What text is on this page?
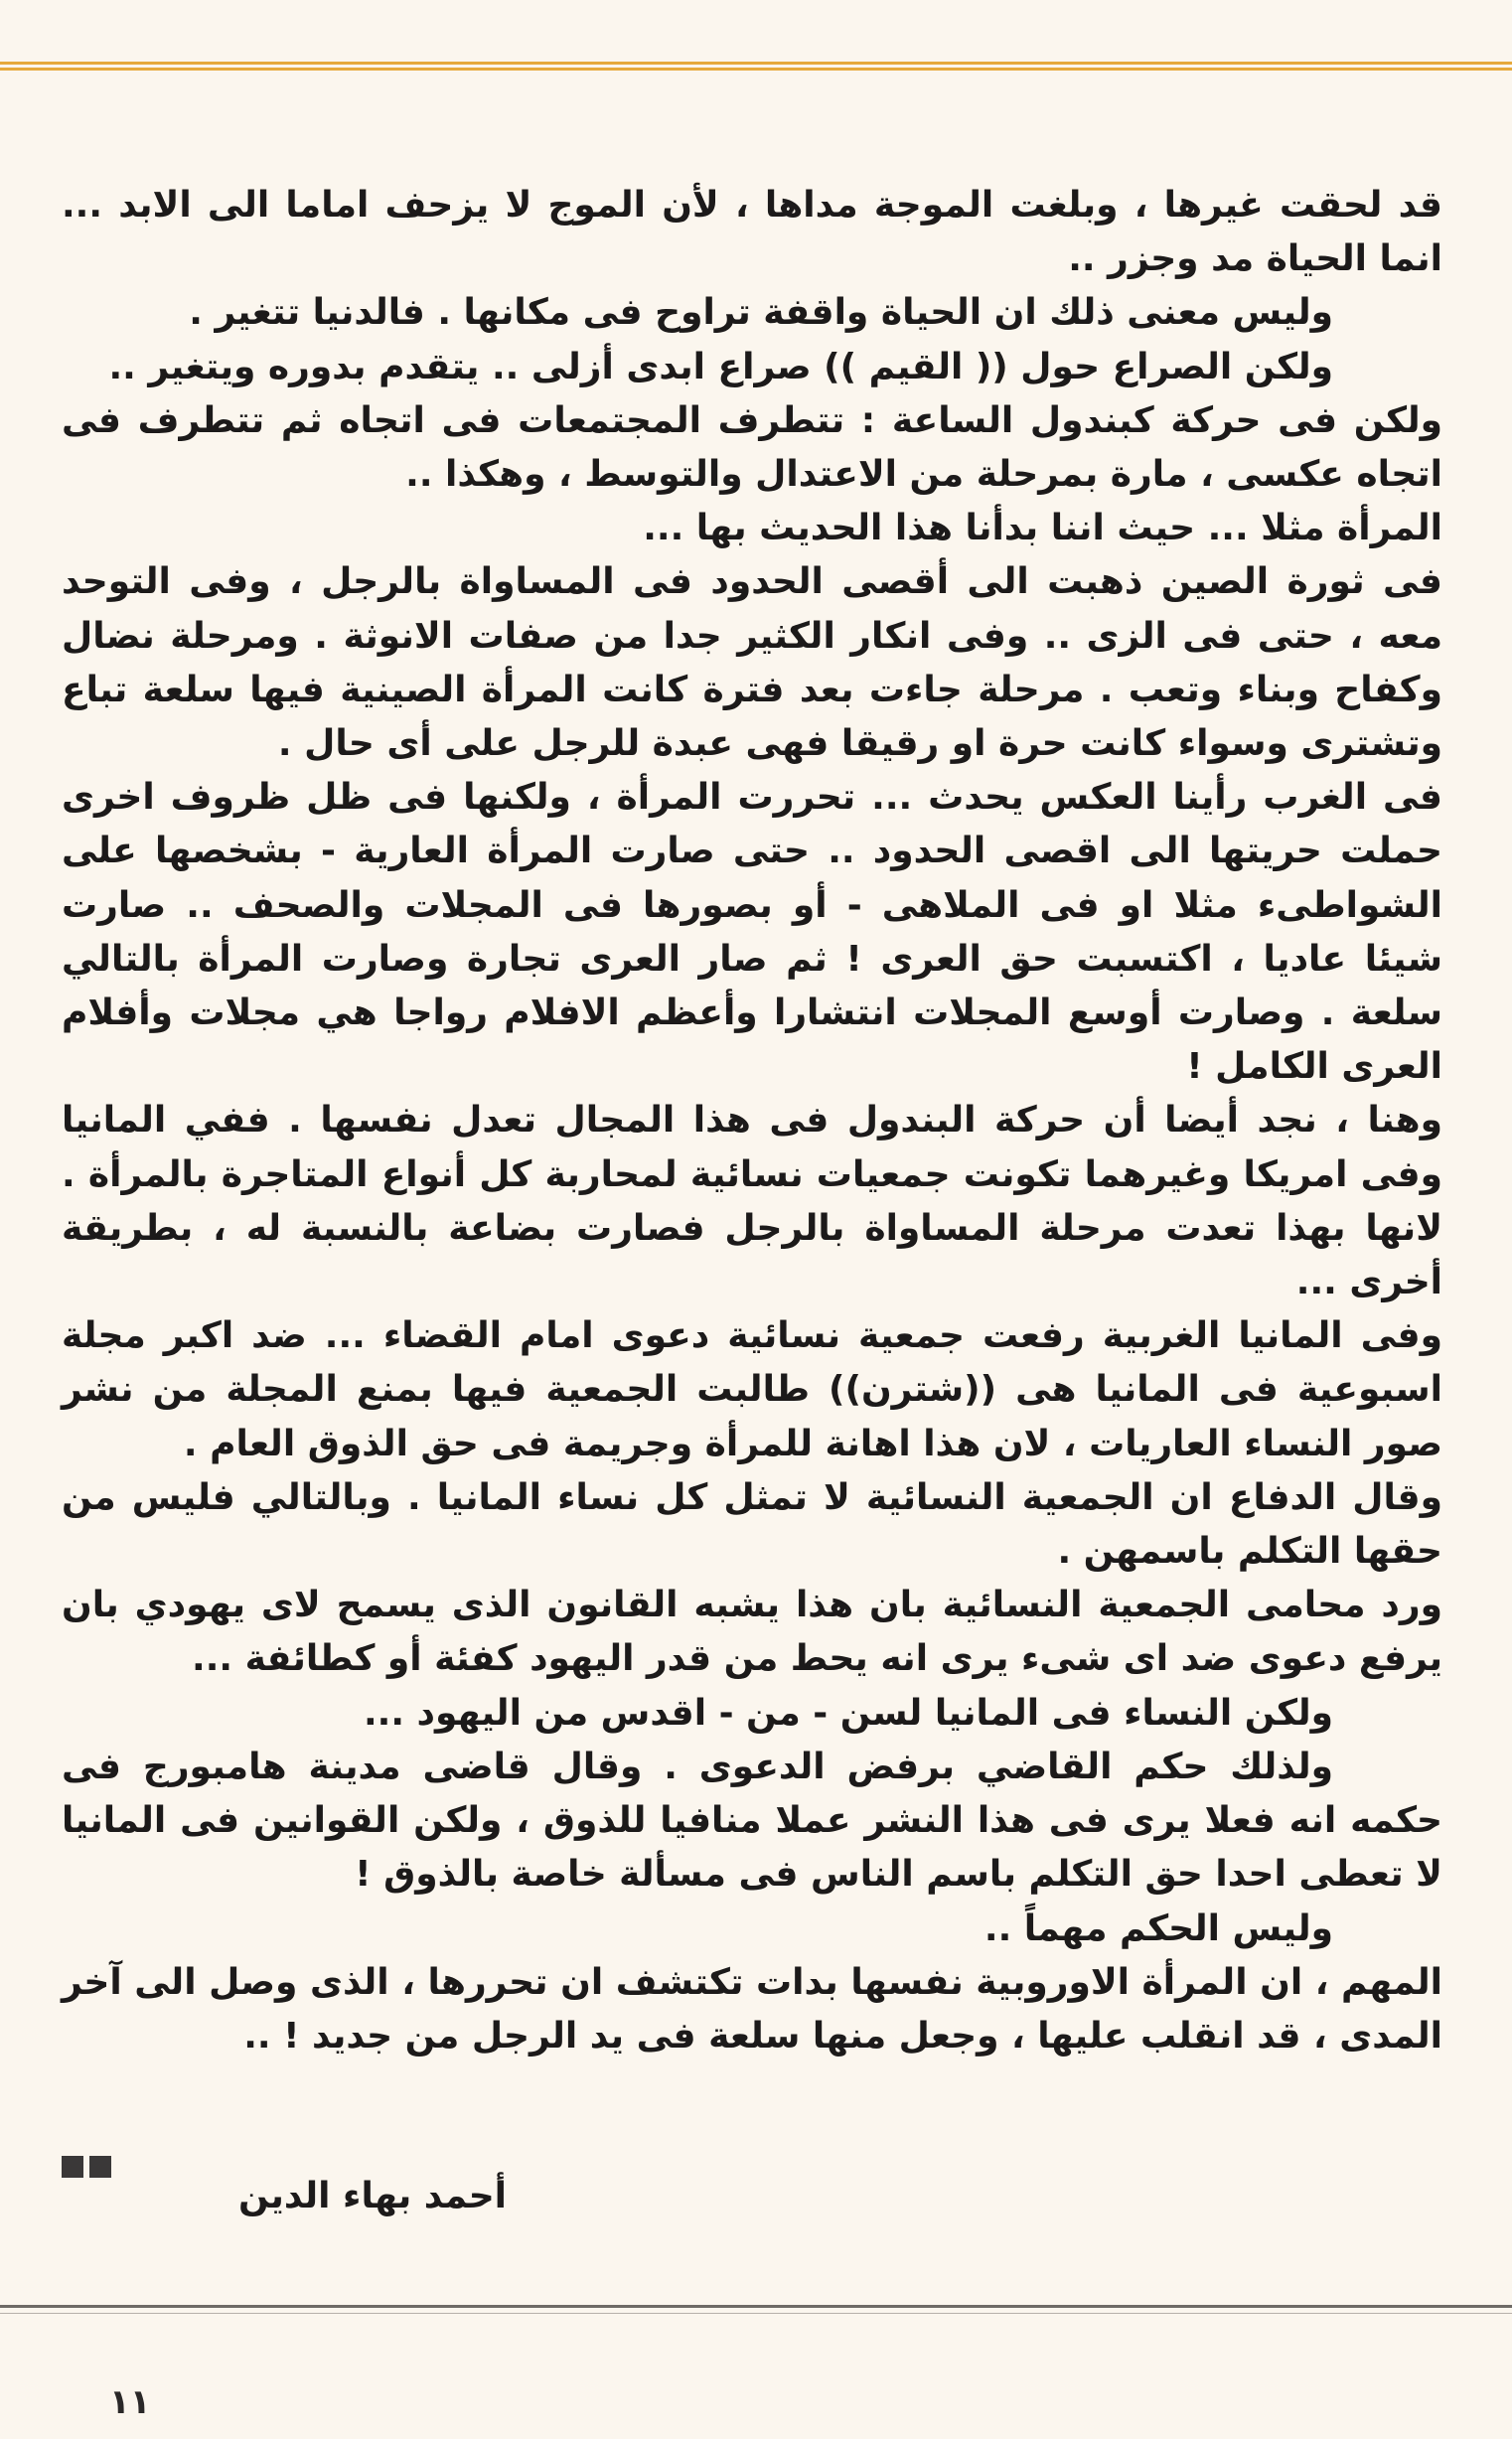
قد لحقت غيرها ، وبلغت الموجة مداها ، لأن الموج لا يزحف اماما الى الابد ... انما الحياة مد وجزر ..

وليس معنى ذلك ان الحياة واقفة تراوح فى مكانها . فالدنيا تتغير .

ولكن الصراع حول (( القيم )) صراع ابدى أزلى .. يتقدم بدوره ويتغير ..

ولكن فى حركة كبندول الساعة : تتطرف المجتمعات فى اتجاه ثم تتطرف فى اتجاه عكسى ، مارة بمرحلة من الاعتدال والتوسط ، وهكذا ..

المرأة مثلا ... حيث اننا بدأنا هذا الحديث بها ...

فى ثورة الصين ذهبت الى أقصى الحدود فى المساواة بالرجل ، وفى التوحد معه ، حتى فى الزى .. وفى انكار الكثير جدا من صفات الانوثة . ومرحلة نضال وكفاح وبناء وتعب . مرحلة جاءت بعد فترة كانت المرأة الصينية فيها سلعة تباع وتشترى وسواء كانت حرة او رقيقا فهى عبدة للرجل على أى حال .

فى الغرب رأينا العكس يحدث ... تحررت المرأة ، ولكنها فى ظل ظروف اخرى حملت حريتها الى اقصى الحدود .. حتى صارت المرأة العارية - بشخصها على الشواطىء مثلا او فى الملاهى - أو بصورها فى المجلات والصحف .. صارت شيئا عاديا ، اكتسبت حق العرى ! ثم صار العرى تجارة وصارت المرأة بالتالي سلعة . وصارت أوسع المجلات انتشارا وأعظم الافلام رواجا هي مجلات وأفلام العرى الكامل !

وهنا ، نجد أيضا أن حركة البندول فى هذا المجال تعدل نفسها . ففي المانيا وفى امريكا وغيرهما تكونت جمعيات نسائية لمحاربة كل أنواع المتاجرة بالمرأة . لانها بهذا تعدت مرحلة المساواة بالرجل فصارت بضاعة بالنسبة له ، بطريقة أخرى ...

وفى المانيا الغربية رفعت جمعية نسائية دعوى امام القضاء ... ضد اكبر مجلة اسبوعية فى المانيا هى ((شترن)) طالبت الجمعية فيها بمنع المجلة من نشر صور النساء العاريات ، لان هذا اهانة للمرأة وجريمة فى حق الذوق العام .

وقال الدفاع ان الجمعية النسائية لا تمثل كل نساء المانيا . وبالتالي فليس من حقها التكلم باسمهن .

ورد محامى الجمعية النسائية بان هذا يشبه القانون الذى يسمح لاى يهودي بان يرفع دعوى ضد اى شىء يرى انه يحط من قدر اليهود كفئة أو كطائفة ...

ولكن النساء فى المانيا لسن - من - اقدس من اليهود ...

ولذلك حكم القاضي برفض الدعوى . وقال قاضى مدينة هامبورج فى حكمه انه فعلا يرى فى هذا النشر عملا منافيا للذوق ، ولكن القوانين فى المانيا لا تعطى احدا حق التكلم باسم الناس فى مسألة خاصة بالذوق !

وليس الحكم مهماً ..

المهم ، ان المرأة الاوروبية نفسها بدات تكتشف ان تحررها ، الذى وصل الى آخر المدى ، قد انقلب عليها ، وجعل منها سلعة فى يد الرجل من جديد ! ..

أحمد بهاء الدين
١١
